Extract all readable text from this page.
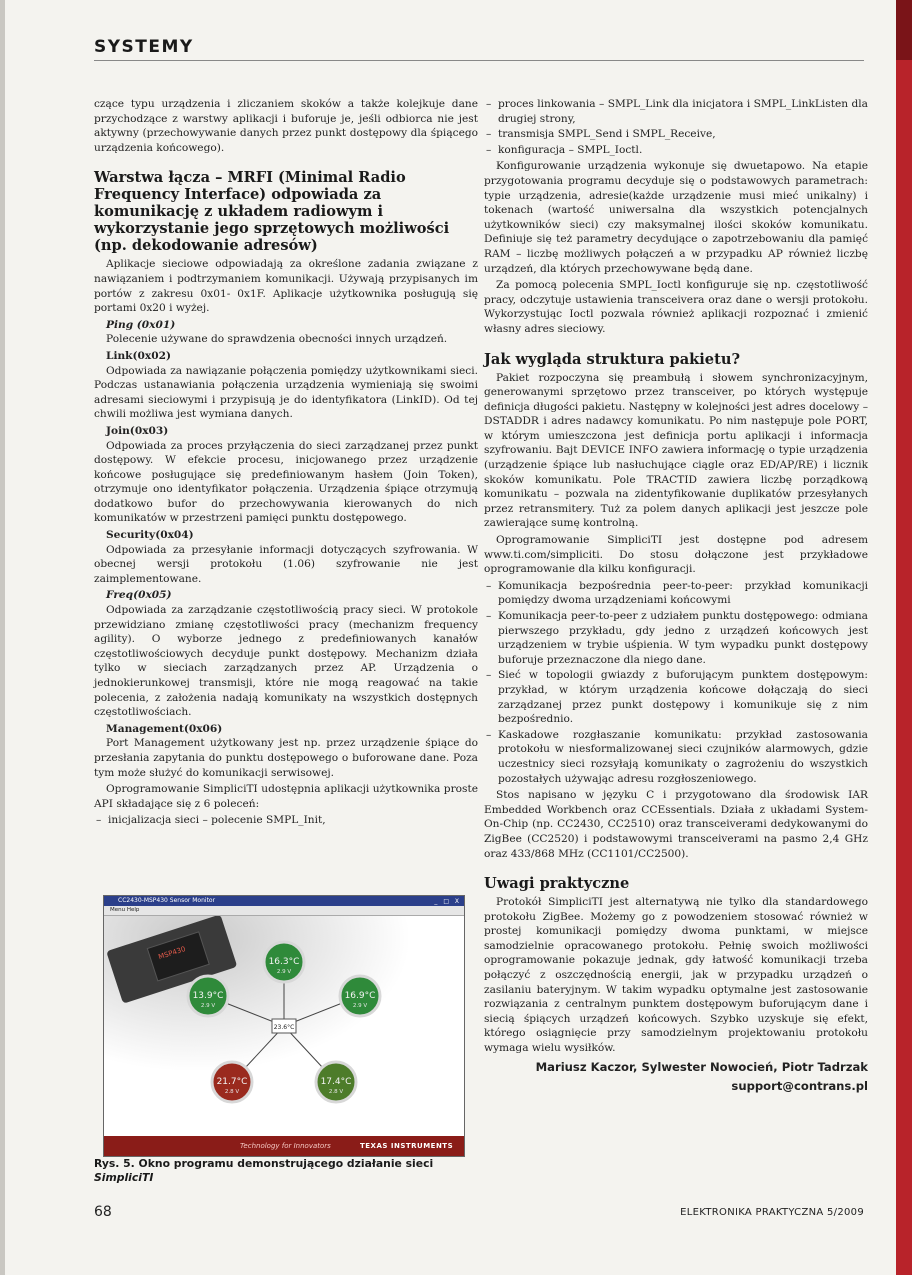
SYSTEMY

czące typu urządzenia i zliczaniem skoków a także kolejkuje dane przychodzące z warstwy aplikacji i buforuje je, jeśli odbiorca nie jest aktywny (przechowywanie danych przez punkt dostępowy dla śpiącego urządzenia końcowego).

Warstwa łącza – MRFI (Minimal Radio Frequency Interface) odpowiada za komunikację z układem radiowym i wykorzystanie jego sprzętowych możliwości (np. dekodowanie adresów)

Aplikacje sieciowe odpowiadają za określone zadania związane z nawiązaniem i podtrzymaniem komunikacji. Używają przypisanych im portów z zakresu 0x01- 0x1F. Aplikacje użytkownika posługują się portami 0x20 i wyżej.

Ping (0x01)

Polecenie używane do sprawdzenia obecności innych urządzeń.

Link(0x02)

Odpowiada za nawiązanie połączenia pomiędzy użytkownikami sieci. Podczas ustanawiania połączenia urządzenia wymieniają się swoimi adresami sieciowymi i przypisują je do identyfikatora (LinkID). Od tej chwili możliwa jest wymiana danych.

Join(0x03)

Odpowiada za proces przyłączenia do sieci zarządzanej przez punkt dostępowy. W efekcie procesu, inicjowanego przez urządzenie końcowe posługujące się predefiniowanym hasłem (Join Token), otrzymuje ono identyfikator połączenia. Urządzenia śpiące otrzymują dodatkowo bufor do przechowywania kierowanych do nich komunikatów w przestrzeni pamięci punktu dostępowego.

Security(0x04)

Odpowiada za przesyłanie informacji dotyczących szyfrowania. W obecnej wersji protokołu (1.06) szyfrowanie nie jest zaimplementowane.

Freq(0x05)

Odpowiada za zarządzanie częstotliwością pracy sieci. W protokole przewidziano zmianę częstotliwości pracy (mechanizm frequency agility). O wyborze jednego z predefiniowanych kanałów częstotliwościowych decyduje punkt dostępowy. Mechanizm działa tylko w sieciach zarządzanych przez AP. Urządzenia o jednokierunkowej transmisji, które nie mogą reagować na takie polecenia, z założenia nadają komunikaty na wszystkich dostępnych częstotliwościach.

Management(0x06)

Port Management użytkowany jest np. przez urządzenie śpiące do przesłania zapytania do punktu dostępowego o buforowane dane. Poza tym może służyć do komunikacji serwisowej.

Oprogramowanie SimpliciTI udostępnia aplikacji użytkownika proste API składające się z 6 poleceń:

– inicjalizacja sieci – polecenie SMPL_Init,
CC2430-MSP430 Sensor Monitor	_ □ X
Menu Help
MSP430
23.6°C
16.3°C
2.9 V
13.9°C
2.9 V
16.9°C
2.9 V
21.7°C
2.8 V
17.4°C
2.8 V
Technology for Innovators	TEXAS INSTRUMENTS
Rys. 5. Okno programu demonstrującego działanie sieci SimpliciTI
– proces linkowania – SMPL_Link dla inicjatora i SMPL_LinkListen dla drugiej strony,
– transmisja SMPL_Send i SMPL_Receive,
– konfiguracja – SMPL_Ioctl.

Konfigurowanie urządzenia wykonuje się dwuetapowo. Na etapie przygotowania programu decyduje się o podstawowych parametrach: typie urządzenia, adresie(każde urządzenie musi mieć unikalny) i tokenach (wartość uniwersalna dla wszystkich potencjalnych użytkowników sieci) czy maksymalnej ilości skoków komunikatu. Definiuje się też parametry decydujące o zapotrzebowaniu dla pamięć RAM – liczbę możliwych połączeń a w przypadku AP również liczbę urządzeń, dla których przechowywane będą dane.

Za pomocą polecenia SMPL_Ioctl konfiguruje się np. częstotliwość pracy, odczytuje ustawienia transceivera oraz dane o wersji protokołu. Wykorzystując Ioctl pozwala również aplikacji rozpoznać i zmienić własny adres sieciowy.

Jak wygląda struktura pakietu?

Pakiet rozpoczyna się preambułą i słowem synchronizacyjnym, generowanymi sprzętowo przez transceiver, po których występuje definicja długości pakietu. Następny w kolejności jest adres docelowy – DSTADDR i adres nadawcy komunikatu. Po nim następuje pole PORT, w którym umieszczona jest definicja portu aplikacji i informacja szyfrowaniu. Bajt DEVICE INFO zawiera informację o typie urządzenia (urządzenie śpiące lub nasłuchujące ciągle oraz ED/AP/RE) i licznik skoków komunikatu. Pole TRACTID zawiera liczbę porządkową komunikatu – pozwala na zidentyfikowanie duplikatów przesyłanych przez retransmitery. Tuż za polem danych aplikacji jest jeszcze pole zawierające sumę kontrolną.

Oprogramowanie SimpliciTI jest dostępne pod adresem www.ti.com/simpliciti. Do stosu dołączone jest przykładowe oprogramowanie dla kilku konfiguracji.

– Komunikacja bezpośrednia peer-to-peer: przykład komunikacji pomiędzy dwoma urządzeniami końcowymi
– Komunikacja peer-to-peer z udziałem punktu dostępowego: odmiana pierwszego przykładu, gdy jedno z urządzeń końcowych jest urządzeniem w trybie uśpienia. W tym wypadku punkt dostępowy buforuje przeznaczone dla niego dane.
– Sieć w topologii gwiazdy z buforującym punktem dostępowym: przykład, w którym urządzenia końcowe dołączają do sieci zarządzanej przez punkt dostępowy i komunikuje się z nim bezpośrednio.
– Kaskadowe rozgłaszanie komunikatu: przykład zastosowania protokołu w niesformalizowanej sieci czujników alarmowych, gdzie uczestnicy sieci rozsyłają komunikaty o zagrożeniu do wszystkich pozostałych używając adresu rozgłoszeniowego.

Stos napisano w języku C i przygotowano dla środowisk IAR Embedded Workbench oraz CCEssentials. Działa z układami System-On-Chip (np. CC2430, CC2510) oraz transceiverami dedykowanymi do ZigBee (CC2520) i podstawowymi transceiverami na pasmo 2,4 GHz oraz 433/868 MHz (CC1101/CC2500).

Uwagi praktyczne

Protokół SimpliciTI jest alternatywą nie tylko dla standardowego protokołu ZigBee. Możemy go z powodzeniem stosować również w prostej komunikacji pomiędzy dwoma punktami, w miejsce samodzielnie opracowanego protokołu. Pełnię swoich możliwości oprogramowanie pokazuje jednak, gdy łatwość komunikacji trzeba połączyć z oszczędnością energii, jak w przypadku urządzeń o zasilaniu bateryjnym. W takim wypadku optymalne jest zastosowanie rozwiązania z centralnym punktem dostępowym buforującym dane i siecią śpiących urządzeń końcowych. Szybko uzyskuje się efekt, którego osiągnięcie przy samodzielnym projektowaniu protokołu wymaga wielu wysiłków.

Mariusz Kaczor, Sylwester Nowocień, Piotr Tadrzak
support@contrans.pl
68	ELEKTRONIKA PRAKTYCZNA 5/2009
